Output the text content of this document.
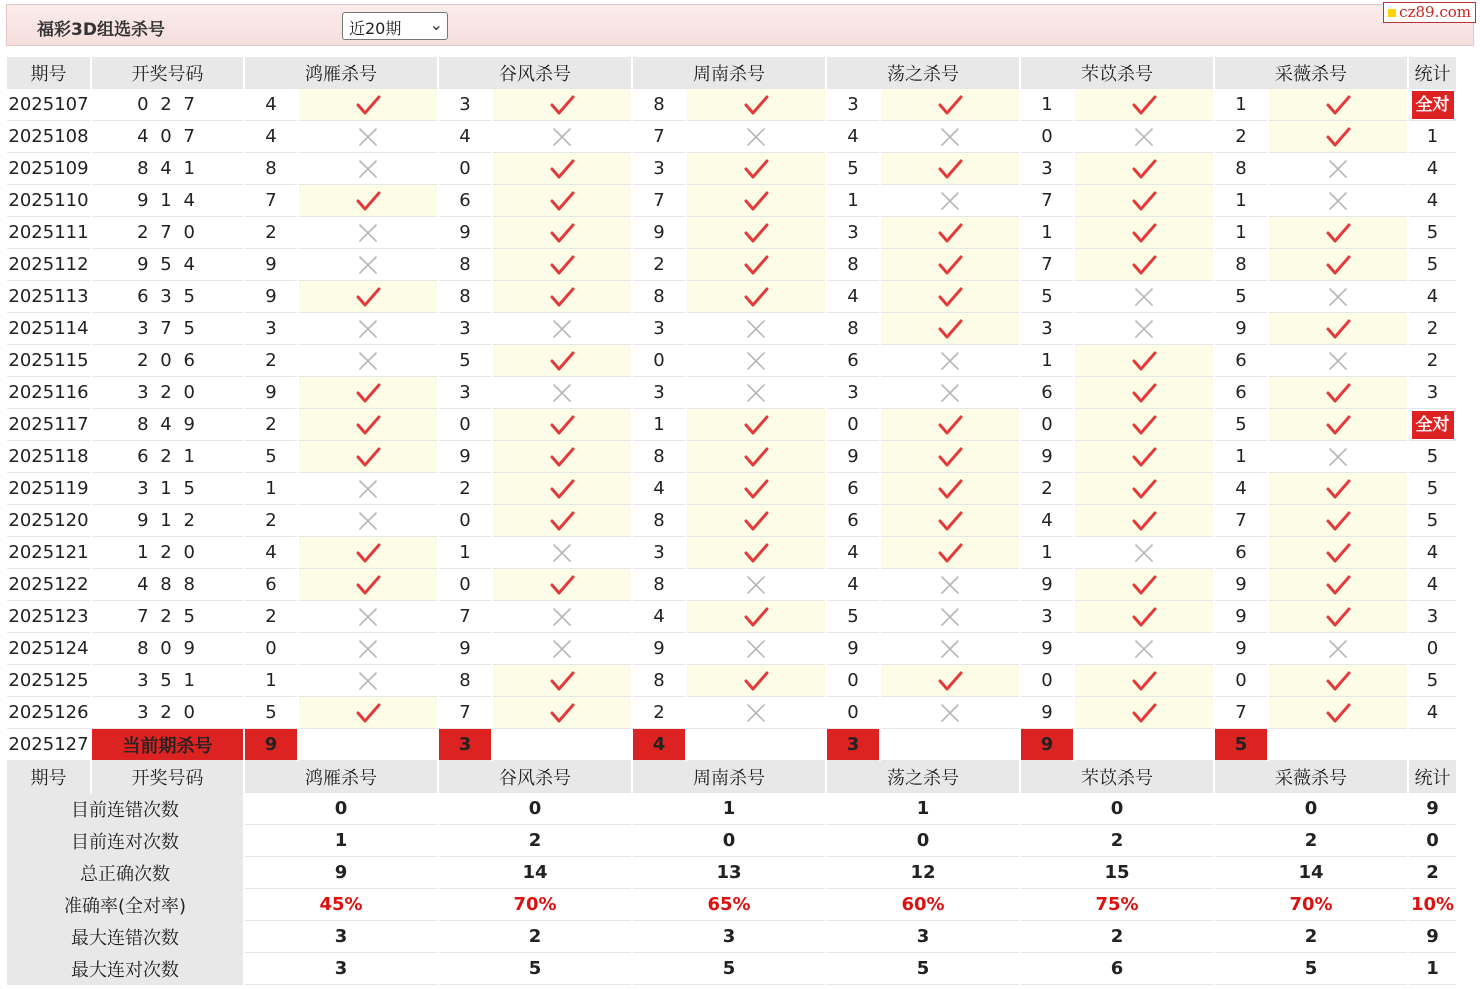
福彩3D组选杀号	近20期 ⌄
cz89.com
期号	开奖号码	鸿雁杀号		谷风杀号		周南杀号		荡之杀号		芣苡杀号		采薇杀号		统计
2025107	0 2 7	4		3		8		3		1		1		全对
2025108	4 0 7	4		4		7		4		0		2		1
2025109	8 4 1	8		0		3		5		3		8		4
2025110	9 1 4	7		6		7		1		7		1		4
2025111	2 7 0	2		9		9		3		1		1		5
2025112	9 5 4	9		8		2		8		7		8		5
2025113	6 3 5	9		8		8		4		5		5		4
2025114	3 7 5	3		3		3		8		3		9		2
2025115	2 0 6	2		5		0		6		1		6		2
2025116	3 2 0	9		3		3		3		6		6		3
2025117	8 4 9	2		0		1		0		0		5		全对
2025118	6 2 1	5		9		8		9		9		1		5
2025119	3 1 5	1		2		4		6		2		4		5
2025120	9 1 2	2		0		8		6		4		7		5
2025121	1 2 0	4		1		3		4		1		6		4
2025122	4 8 8	6		0		8		4		9		9		4
2025123	7 2 5	2		7		4		5		3		9		3
2025124	8 0 9	0		9		9		9		9		9		0
2025125	3 5 1	1		8		8		0		0		0		5
2025126	3 2 0	5		7		2		0		9		7		4
2025127	当前期杀号	9		3		4		3		9		5		
期号	开奖号码	鸿雁杀号		谷风杀号		周南杀号		荡之杀号		芣苡杀号		采薇杀号		统计
目前连错次数		0		0		1		1		0		0		9
目前连对次数		1		2		0		0		2		2		0
总正确次数		9		14		13		12		15		14		2
准确率(全对率)		45%		70%		65%		60%		75%		70%		10%
最大连错次数		3		2		3		3		2		2		9
最大连对次数		3		5		5		5		6		5		1
